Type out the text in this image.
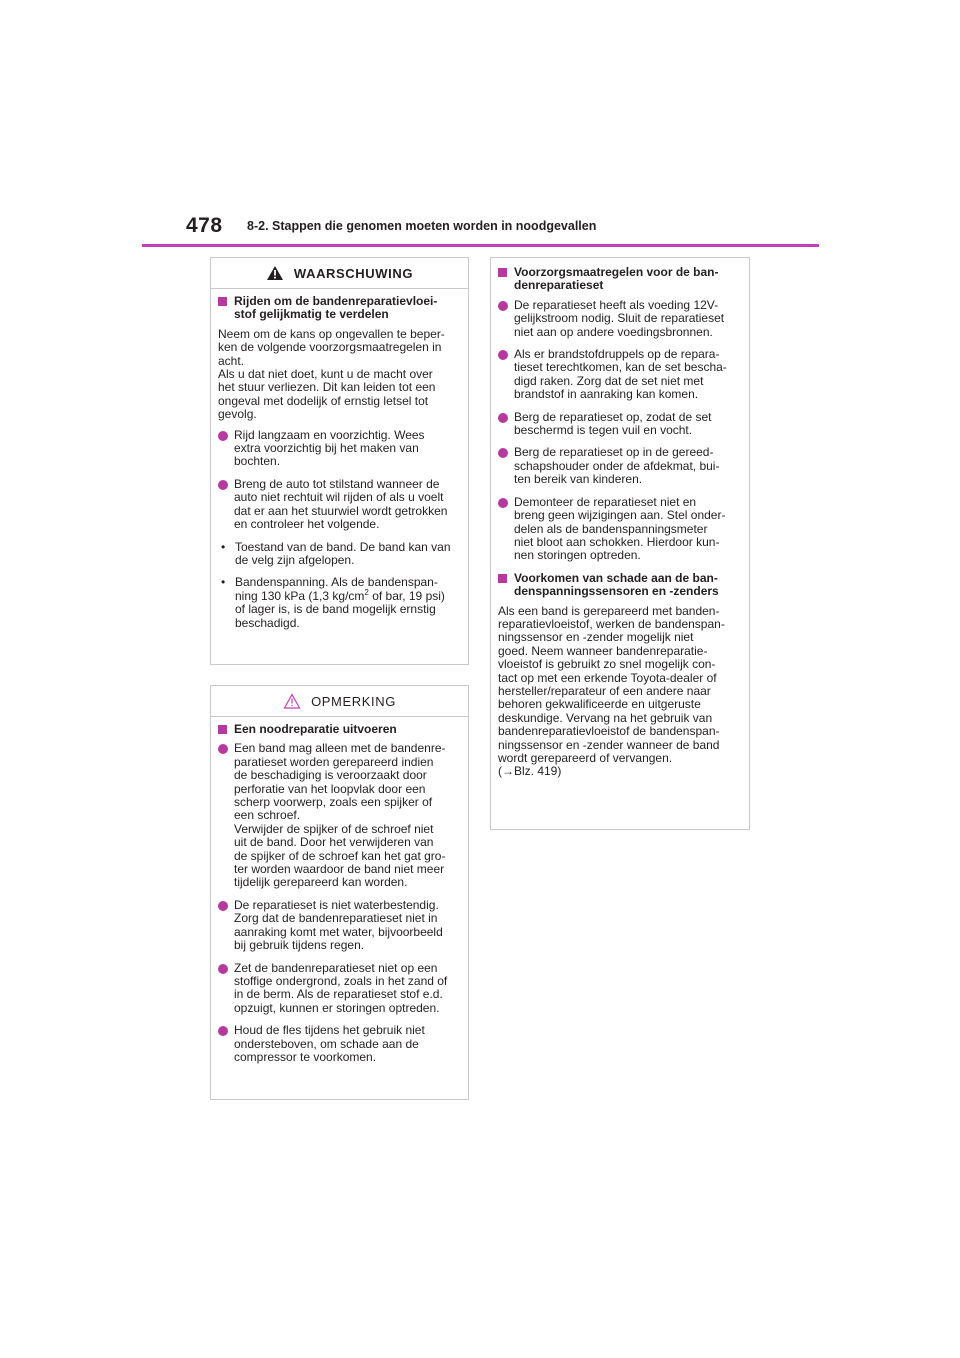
478 8-2. Stappen die genomen moeten worden in noodgevallen
WAARSCHUWING
Rijden om de bandenreparatievloei-
stof gelijkmatig te verdelen
Neem om de kans op ongevallen te beper-
ken de volgende voorzorgsmaatregelen in
acht.
Als u dat niet doet, kunt u de macht over
het stuur verliezen. Dit kan leiden tot een
ongeval met dodelijk of ernstig letsel tot
gevolg.
Rijd langzaam en voorzichtig. Wees
extra voorzichtig bij het maken van
bochten.
Breng de auto tot stilstand wanneer de
auto niet rechtuit wil rijden of als u voelt
dat er aan het stuurwiel wordt getrokken
en controleer het volgende.
• Toestand van de band. De band kan van
de velg zijn afgelopen.
• Bandenspanning. Als de bandenspan-
ning 130 kPa (1,3 $kg/cm^2$ of bar, 19 psi)
of lager is, is de band mogelijk ernstig
beschadigd.
OPMERKING
Een noodreparatie uitvoeren
Een band mag alleen met de bandenre-
paratieset worden gerepareerd indien
de beschadiging is veroorzaakt door
perforatie van het loopvlak door een
scherp voorwerp, zoals een spijker of
een schroef.
Verwijder de spijker of de schroef niet
uit de band. Door het verwijderen van
de spijker of de schroef kan het gat gro-
ter worden waardoor de band niet meer
tijdelijk gerepareerd kan worden.
De reparatieset is niet waterbestendig.
Zorg dat de bandenreparatieset niet in
aanraking komt met water, bijvoorbeeld
bij gebruik tijdens regen.
Zet de bandenreparatieset niet op een
stoffige ondergrond, zoals in het zand of
in de berm. Als de reparatieset stof e.d.
opzuigt, kunnen er storingen optreden.
Houd de fles tijdens het gebruik niet
ondersteboven, om schade aan de
compressor te voorkomen.
Voorzorgsmaatregelen voor de ban-
denreparatieset
De reparatieset heeft als voeding 12V-
gelijkstroom nodig. Sluit de reparatieset
niet aan op andere voedingsbronnen.
Als er brandstofdruppels op de repara-
tieset terechtkomen, kan de set bescha-
digd raken. Zorg dat de set niet met
brandstof in aanraking kan komen.
Berg de reparatieset op, zodat de set
beschermd is tegen vuil en vocht.
Berg de reparatieset op in de gereed-
schapshouder onder de afdekmat, bui-
ten bereik van kinderen.
Demonteer de reparatieset niet en
breng geen wijzigingen aan. Stel onder-
delen als de bandenspanningsmeter
niet bloot aan schokken. Hierdoor kun-
nen storingen optreden.
Voorkomen van schade aan de ban-
denspanningssensoren en -zenders
Als een band is gerepareerd met banden-
reparatievloeistof, werken de bandenspan-
ningssensor en -zender mogelijk niet
goed. Neem wanneer bandenreparatie-
vloeistof is gebruikt zo snel mogelijk con-
tact op met een erkende Toyota-dealer of
hersteller/reparateur of een andere naar
behoren gekwalificeerde en uitgeruste
deskundige. Vervang na het gebruik van
bandenreparatievloeistof de bandenspan-
ningssensor en -zender wanneer de band
wordt gerepareerd of vervangen.
(→Blz. 419)
